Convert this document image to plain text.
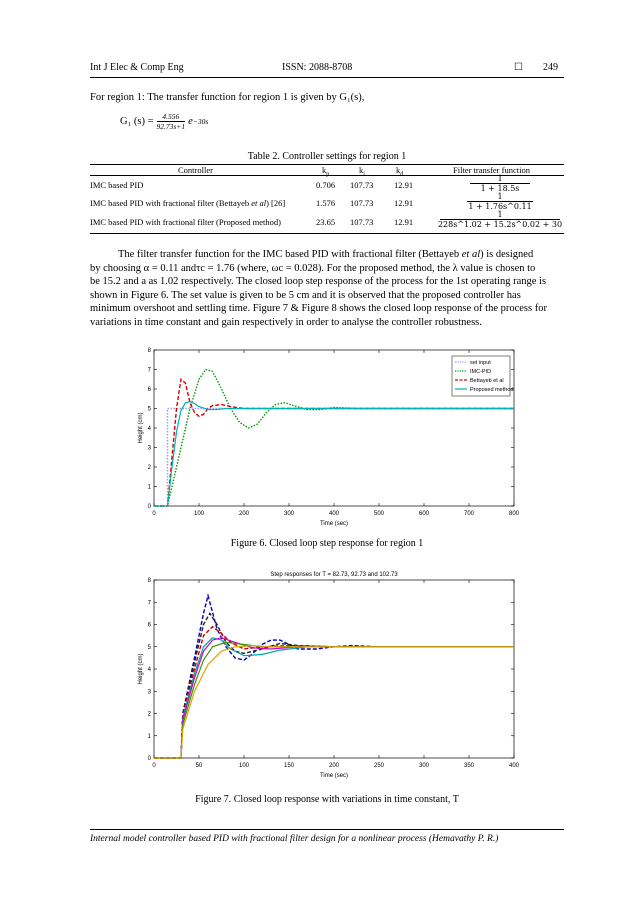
Int J Elec & Comp Eng	ISSN: 2088-8708	☐ 249
For region 1: The transfer function for region 1 is given by G₁(s),
G₁ (s) = 4.556
92.73s+1 e −30s
Table 2. Controller settings for region 1
Controller	$k_p$	$k_i$	$k_d$	Filter transfer function
IMC based PID	0.706 107.73 12.91
1
1 + 18.5s
IMC based PID with fractional filter (Bettayeb et al) [26]	1.576 107.73 12.91
1
1 + 1.76s^0.11
IMC based PID with fractional filter (Proposed method)	23.65 107.73 12.91
1
228s^1.02 + 15.2s^0.02 + 30
The filter transfer function for the IMC based PID with fractional filter (Bettayeb et al) is designed
by choosing α = 0.11 andτc = 1.76 (where, ωc = 0.028). For the proposed method, the λ value is chosen to
be 15.2 and a as 1.02 respectively. The closed loop step response of the process for the 1st operating range is
shown in Figure 6. The set value is given to be 5 cm and it is observed that the proposed controller has
minimum overshoot and settling time. Figure 7 & Figure 8 shows the closed loop response of the process for
variations in time constant and gain respectively in order to analyse the controller robustness.
0	100	200	300	400	500	600	700	800
0
1
2
3
4
5
6
7
8
Time (sec)
Height (cm)
set input
IMC-PID
Bettayeb et al
Proposed method
Figure 6. Closed loop step response for region 1
0	50	100	150	200	250	300	350	400
0
1
2
3
4
5
6
7
8
Time (sec)
Height (cm)
Step responses for T = 82.73, 92.73 and 102.73
Figure 7. Closed loop response with variations in time constant, T
Internal model controller based PID with fractional filter design for a nonlinear process (Hemavathy P. R.)
